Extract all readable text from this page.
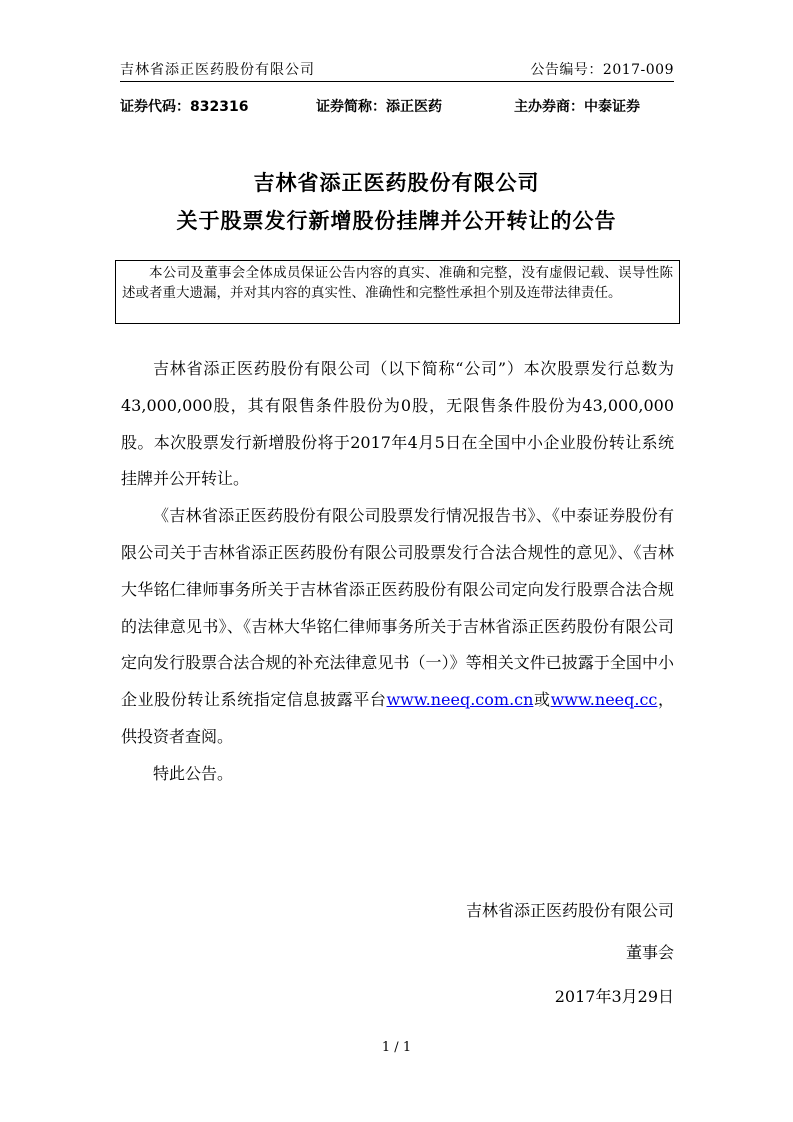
吉林省添正医药股份有限公司	公告编号：2017-009
证券代码：832316	证券简称：添正医药	主办券商：中泰证券
吉林省添正医药股份有限公司
关于股票发行新增股份挂牌并公开转让的公告

本公司及董事会全体成员保证公告内容的真实、准确和完整，没有虚假记载、误导性陈述或者重大遗漏，并对其内容的真实性、准确性和完整性承担个别及连带法律责任。

吉林省添正医药股份有限公司（以下简称“公司”）本次股票发行总数为43,000,000股，其有限售条件股份为0股，无限售条件股份为43,000,000股。本次股票发行新增股份将于2017年4月5日在全国中小企业股份转让系统挂牌并公开转让。

《吉林省添正医药股份有限公司股票发行情况报告书》、《中泰证券股份有限公司关于吉林省添正医药股份有限公司股票发行合法合规性的意见》、《吉林大华铭仁律师事务所关于吉林省添正医药股份有限公司定向发行股票合法合规的法律意见书》、《吉林大华铭仁律师事务所关于吉林省添正医药股份有限公司定向发行股票合法合规的补充法律意见书（一）》等相关文件已披露于全国中小企业股份转让系统指定信息披露平台www.neeq.com.cn或www.neeq.cc，供投资者查阅。

特此公告。

吉林省添正医药股份有限公司
董事会
2017年3月29日
1 / 1
